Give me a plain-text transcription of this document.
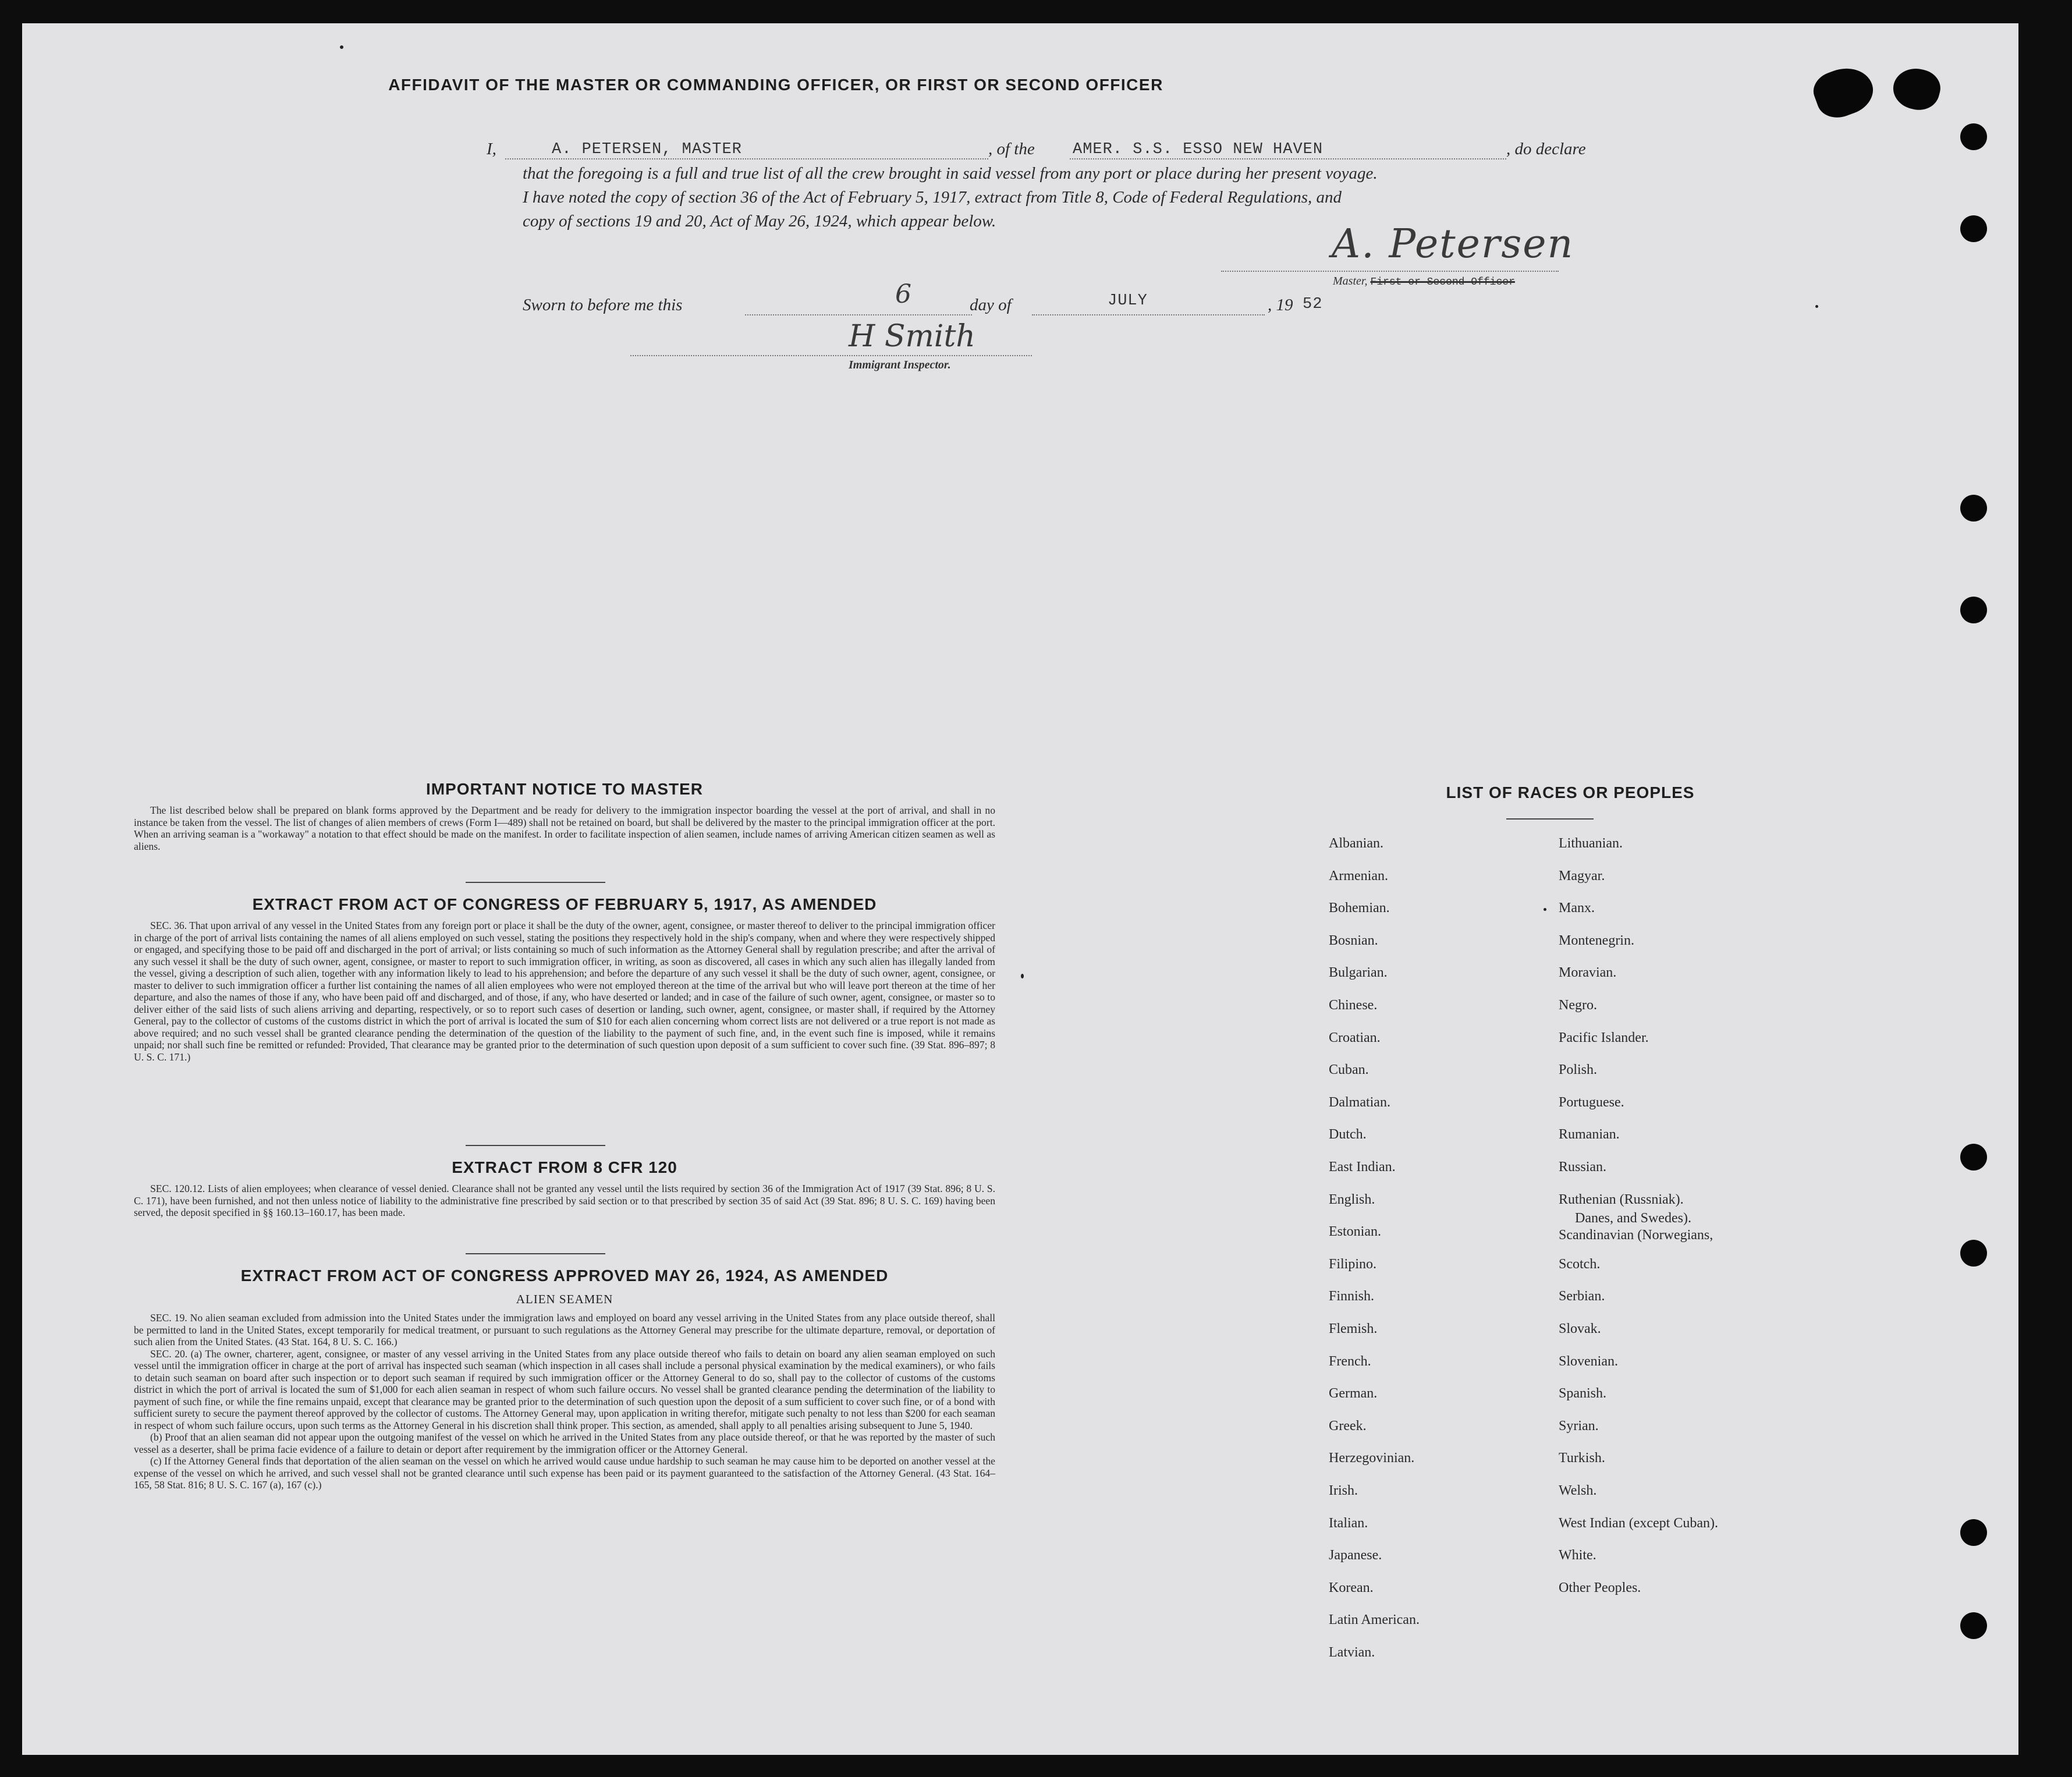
AFFIDAVIT OF THE MASTER OR COMMANDING OFFICER, OR FIRST OR SECOND OFFICER
I,	A. PETERSEN, MASTER	, of the AMER. S.S. ESSO NEW HAVEN	, do declare
that the foregoing is a full and true list of all the crew brought in said vessel from any port or place during her present voyage.
I have noted the copy of section 36 of the Act of February 5, 1917, extract from Title 8, Code of Federal Regulations, and
copy of sections 19 and 20, Act of May 26, 1924, which appear below.	A. Petersen
Master, First or Second Officer
Sworn to before me this	6	day of	JULY	, 19 52
H Smith
Immigrant Inspector.
IMPORTANT NOTICE TO MASTER
The list described below shall be prepared on blank forms approved by the Department and be ready for delivery to the immigration inspector boarding the vessel at the port of arrival, and shall in no instance be taken from the vessel. The list of changes of alien members of crews (Form I—489) shall not be retained on board, but shall be delivered by the master to the principal immigration officer at the port. When an arriving seaman is a "workaway" a notation to that effect should be made on the manifest. In order to facilitate inspection of alien seamen, include names of arriving American citizen seamen as well as aliens.
EXTRACT FROM ACT OF CONGRESS OF FEBRUARY 5, 1917, AS AMENDED
SEC. 36. That upon arrival of any vessel in the United States from any foreign port or place it shall be the duty of the owner, agent, consignee, or master thereof to deliver to the principal immigration officer in charge of the port of arrival lists containing the names of all aliens employed on such vessel, stating the positions they respectively hold in the ship's company, when and where they were respectively shipped or engaged, and specifying those to be paid off and discharged in the port of arrival; or lists containing so much of such information as the Attorney General shall by regulation prescribe; and after the arrival of any such vessel it shall be the duty of such owner, agent, consignee, or master to report to such immigration officer, in writing, as soon as discovered, all cases in which any such alien has illegally landed from the vessel, giving a description of such alien, together with any information likely to lead to his apprehension; and before the departure of any such vessel it shall be the duty of such owner, agent, consignee, or master to deliver to such immigration officer a further list containing the names of all alien employees who were not employed thereon at the time of the arrival but who will leave port thereon at the time of her departure, and also the names of those if any, who have been paid off and discharged, and of those, if any, who have deserted or landed; and in case of the failure of such owner, agent, consignee, or master so to deliver either of the said lists of such aliens arriving and departing, respectively, or so to report such cases of desertion or landing, such owner, agent, consignee, or master shall, if required by the Attorney General, pay to the collector of customs of the customs district in which the port of arrival is located the sum of $10 for each alien concerning whom correct lists are not delivered or a true report is not made as above required; and no such vessel shall be granted clearance pending the determination of the question of the liability to the payment of such fine, and, in the event such fine is imposed, while it remains unpaid; nor shall such fine be remitted or refunded: Provided, That clearance may be granted prior to the determination of such question upon deposit of a sum sufficient to cover such fine. (39 Stat. 896–897; 8 U. S. C. 171.)
EXTRACT FROM 8 CFR 120
SEC. 120.12. Lists of alien employees; when clearance of vessel denied. Clearance shall not be granted any vessel until the lists required by section 36 of the Immigration Act of 1917 (39 Stat. 896; 8 U. S. C. 171), have been furnished, and not then unless notice of liability to the administrative fine prescribed by said section or to that prescribed by section 35 of said Act (39 Stat. 896; 8 U. S. C. 169) having been served, the deposit specified in §§ 160.13–160.17, has been made.
EXTRACT FROM ACT OF CONGRESS APPROVED MAY 26, 1924, AS AMENDED
ALIEN SEAMEN
SEC. 19. No alien seaman excluded from admission into the United States under the immigration laws and employed on board any vessel arriving in the United States from any place outside thereof, shall be permitted to land in the United States, except temporarily for medical treatment, or pursuant to such regulations as the Attorney General may prescribe for the ultimate departure, removal, or deportation of such alien from the United States. (43 Stat. 164, 8 U. S. C. 166.)
SEC. 20. (a) The owner, charterer, agent, consignee, or master of any vessel arriving in the United States from any place outside thereof who fails to detain on board any alien seaman employed on such vessel until the immigration officer in charge at the port of arrival has inspected such seaman (which inspection in all cases shall include a personal physical examination by the medical examiners), or who fails to detain such seaman on board after such inspection or to deport such seaman if required by such immigration officer or the Attorney General to do so, shall pay to the collector of customs of the customs district in which the port of arrival is located the sum of $1,000 for each alien seaman in respect of whom such failure occurs. No vessel shall be granted clearance pending the determination of the liability to payment of such fine, or while the fine remains unpaid, except that clearance may be granted prior to the determination of such question upon the deposit of a sum sufficient to cover such fine, or of a bond with sufficient surety to secure the payment thereof approved by the collector of customs. The Attorney General may, upon application in writing therefor, mitigate such penalty to not less than $200 for each seaman in respect of whom such failure occurs, upon such terms as the Attorney General in his discretion shall think proper. This section, as amended, shall apply to all penalties arising subsequent to June 5, 1940.
(b) Proof that an alien seaman did not appear upon the outgoing manifest of the vessel on which he arrived in the United States from any place outside thereof, or that he was reported by the master of such vessel as a deserter, shall be prima facie evidence of a failure to detain or deport after requirement by the immigration officer or the Attorney General.
(c) If the Attorney General finds that deportation of the alien seaman on the vessel on which he arrived would cause undue hardship to such seaman he may cause him to be deported on another vessel at the expense of the vessel on which he arrived, and such vessel shall not be granted clearance until such expense has been paid or its payment guaranteed to the satisfaction of the Attorney General. (43 Stat. 164–165, 58 Stat. 816; 8 U. S. C. 167 (a), 167 (c).)
LIST OF RACES OR PEOPLES
Albanian.
Armenian.
Bohemian.
Bosnian.
Bulgarian.
Chinese.
Croatian.
Cuban.
Dalmatian.
Dutch.
East Indian.
English.
Estonian.
Filipino.
Finnish.
Flemish.
French.
German.
Greek.
Herzegovinian.
Irish.
Italian.
Japanese.
Korean.
Latin American.
Latvian.
Lithuanian.
Magyar.
Manx.
Montenegrin.
Moravian.
Negro.
Pacific Islander.
Polish.
Portuguese.
Rumanian.
Russian.
Ruthenian (Russniak).
Scandinavian (Norwegians,
Danes, and Swedes).
Scotch.
Serbian.
Slovak.
Slovenian.
Spanish.
Syrian.
Turkish.
Welsh.
West Indian (except Cuban).
White.
Other Peoples.
